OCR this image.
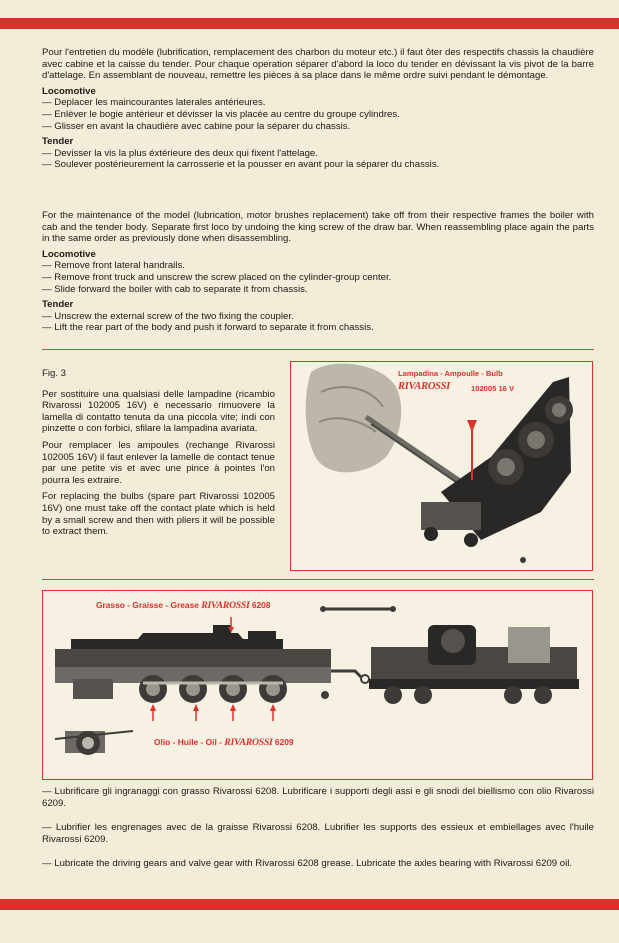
Pour l'entretien du modèle (lubrification, remplacement des charbon du moteur etc.) il faut ôter des respectifs chassis la chaudière avec cabine et la caisse du tender. Pour chaque operation séparer d'abord la loco du tender en dévissant la vis pivot de la barre d'attelage. En assemblant de nouveau, remettre les pièces à sa place dans le même ordre suivi pendant le démontage.

Locomotive

— Deplacer les maincourantes laterales antérieures.

— Enlèver le bogie antérieur et dévisser la vis placée au centre du groupe cylindres.

— Glisser en avant la chaudière avec cabine pour la séparer du chassis.

Tender

— Devisser la vis la plus éxtérieure des deux qui fixent l'attelage.

— Soulever postérieurement la carrosserie et la pousser en avant pour la séparer du chassis.

For the maintenance of the model (lubrication, motor brushes replacement) take off from their respective frames the boiler with cab and the tender body. Separate first loco by undoing the king screw of the draw bar. When reassembling place again the parts in the same order as previously done when disassembling.

Locomotive

— Remove front lateral handrails.

— Remove front truck and unscrew the screw placed on the cylinder-group center.

— Slide forward the boiler with cab to separate it from chassis.

Tender

— Unscrew the external screw of the two fixing the coupler.

— Lift the rear part of the body and push it forward to separate it from chassis.

Fig. 3

Per sostituire una qualsiasi delle lampadine (ricambio Rivarossi 102005 16V) è necessario rimuovere la lamella di contatto tenuta da una piccola vite; indi con pinzette o con forbici, sfilare la lampadina avariata.

Pour remplacer les ampoules (rechange Rivarossi 102005 16V) il faut enlever la lamelle de contact tenue par une petite vis et avec une pince à pointes l'on pourra les extraire.

For replacing the bulbs (spare part Rivarossi 102005 16V) one must take off the contact plate which is held by a small screw and then with pliers it will be possible to extract them.

Lampadina - Ampoulle - Bulb
RIVAROSSI	102005 16 V
Grasso - Graisse - Grease RIVAROSSI 6208
Olio - Huile - Oil - RIVAROSSI 6209
— Lubrificare gli ingranaggi con grasso Rivarossi 6208. Lubrificare i supporti degli assi e gli snodi del biellismo con olio Rivarossi 6209.
— Lubrifier les engrenages avec de la graisse Rivarossi 6208. Lubrifier les supports des essieux et embiellages avec l'huile Rivarossi 6209.
— Lubricate the driving gears and valve gear with Rivarossi 6208 grease. Lubricate the axles bearing with Rivarossi 6209 oil.
